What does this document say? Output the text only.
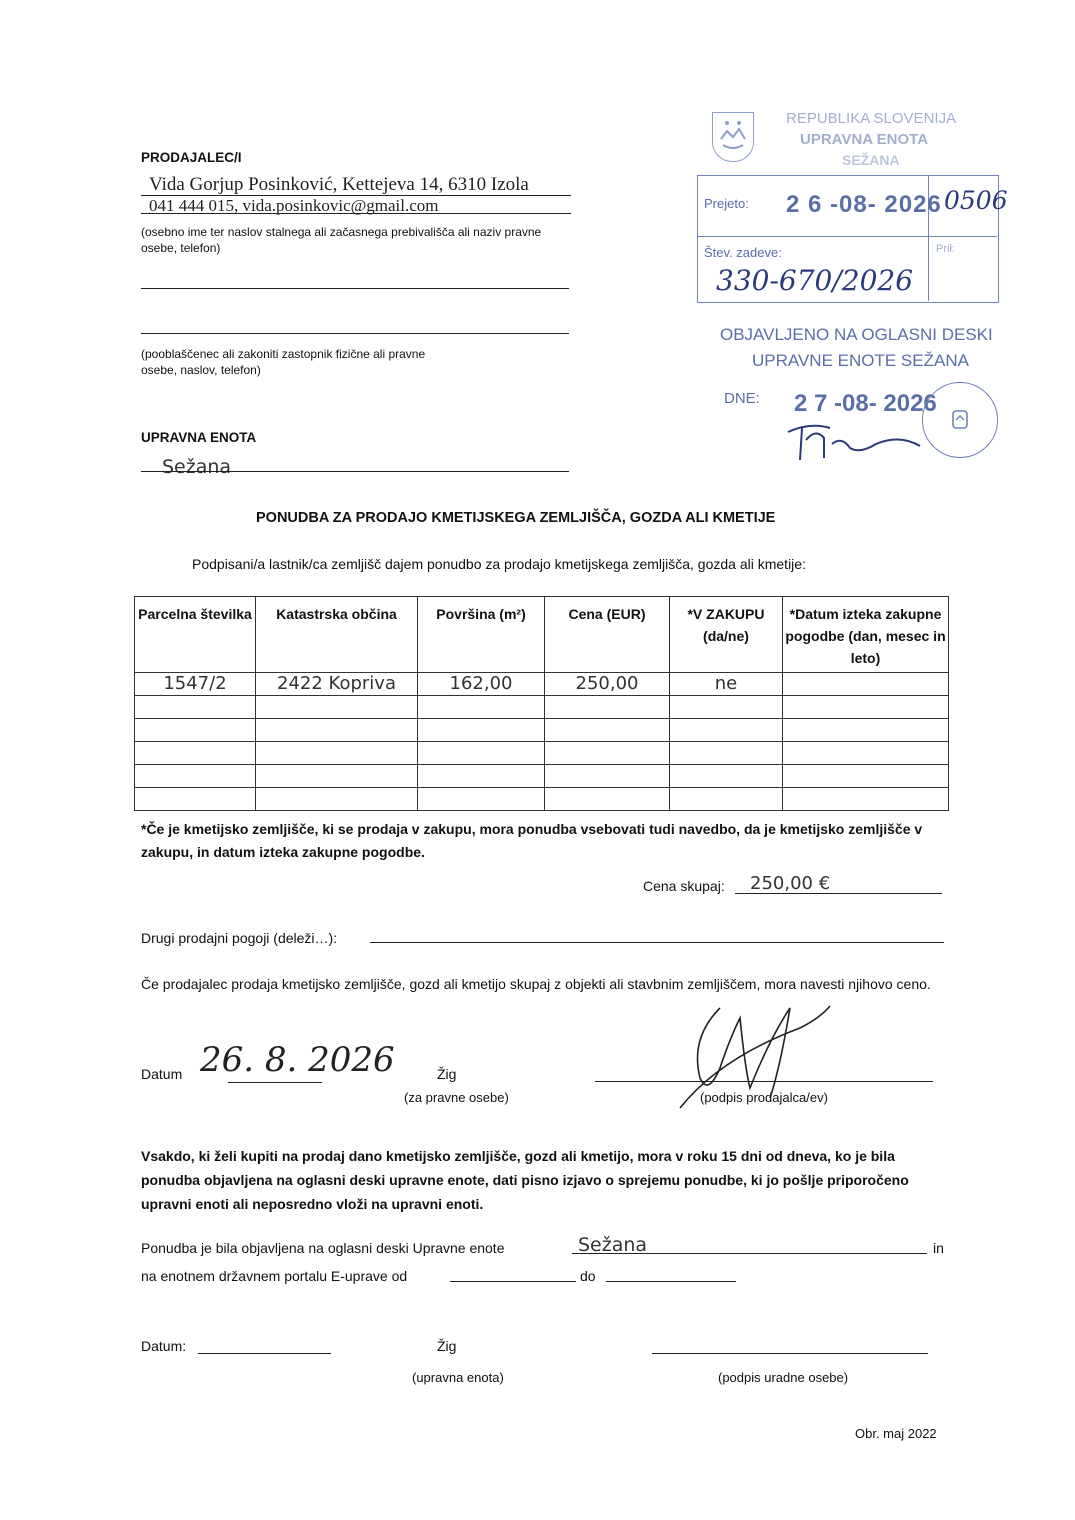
PRODAJALEC/I
Vida Gorjup Posinković, Kettejeva 14, 6310 Izola
041 444 015, vida.posinkovic@gmail.com
(osebno ime ter naslov stalnega ali začasnega prebivališča ali naziv pravne osebe, telefon)
(pooblaščenec ali zakoniti zastopnik fizične ali pravne osebe, naslov, telefon)
UPRAVNA ENOTA
Sežana
REPUBLIKA SLOVENIJA
UPRAVNA ENOTA
SEŽANA
Prejeto: 2 6 -08- 2026 0506
Štev. zadeve:	Prił:
330-670/2026
OBJAVLJENO NA OGLASNI DESKI
UPRAVNE ENOTE SEŽANA
DNE: 2 7 -08- 2026
PONUDBA ZA PRODAJO KMETIJSKEGA ZEMLJIŠČA, GOZDA ALI KMETIJE
Podpisani/a lastnik/ca zemljišč dajem ponudbo za prodajo kmetijskega zemljišča, gozda ali kmetije:
Parcelna številka	Katastrska občina	Površina (m²)	Cena (EUR)	*V ZAKUPU (da/ne)	*Datum izteka zakupne pogodbe (dan, mesec in leto)
1547/2	2422 Kopriva	162,00	250,00	ne	

*Če je kmetijsko zemljišče, ki se prodaja v zakupu, mora ponudba vsebovati tudi navedbo, da je kmetijsko zemljišče v zakupu, in datum izteka zakupne pogodbe.
Cena skupaj: 250,00 €
Drugi prodajni pogoji (deleži…):
Če prodajalec prodaja kmetijsko zemljišče, gozd ali kmetijo skupaj z objekti ali stavbnim zemljiščem, mora navesti njihovo ceno.
Datum 26. 8. 2026	Žig
(za pravne osebe)	(podpis prodajalca/ev)
Vsakdo, ki želi kupiti na prodaj dano kmetijsko zemljišče, gozd ali kmetijo, mora v roku 15 dni od dneva, ko je bila ponudba objavljena na oglasni deski upravne enote, dati pisno izjavo o sprejemu ponudbe, ki jo pošlje priporočeno upravni enoti ali neposredno vloži na upravni enoti.
Ponudba je bila objavljena na oglasni deski Upravne enote	Sežana	in
na enotnem državnem portalu E-uprave od	do
Datum:	Žig
(upravna enota)	(podpis uradne osebe)
Obr. maj 2022
